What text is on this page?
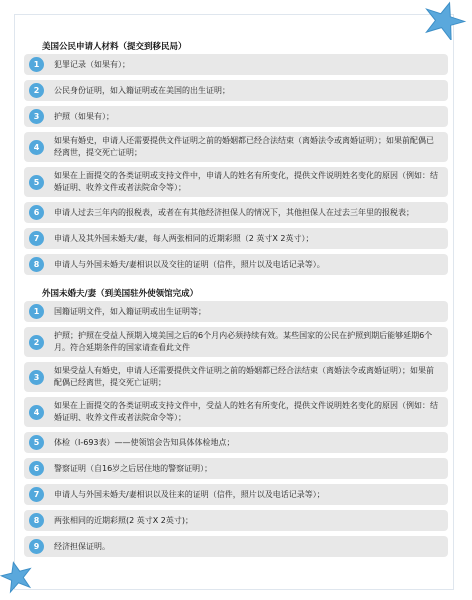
美国公民申请人材料（提交到移民局）
1	犯罪记录（如果有）；
2	公民身份证明，如入籍证明或在美国的出生证明；
3	护照（如果有）；
4
如果有婚史，申请人还需要提供文件证明之前的婚姻都已经合法结束（离婚法令或离婚证明）；如果前配偶已经离世，提交死亡证明；
5
如果在上面提交的各类证明或支持文件中，申请人的姓名有所变化，提供文件说明姓名变化的原因（例如：结婚证明、收养文件或者法院命令等）；
6	申请人过去三年内的报税表，或者在有其他经济担保人的情况下，其他担保人在过去三年里的报税表；
7	申请人及其外国未婚夫/妻，每人两张相同的近期彩照（2 英寸X 2英寸）；
8	申请人与外国未婚夫/妻相识以及交往的证明（信件，照片以及电话记录等）。
外国未婚夫/妻（到美国驻外使领馆完成）
1	国籍证明文件，如入籍证明或出生证明等；
2
护照；护照在受益人预期入境美国之后的6个月内必须持续有效。某些国家的公民在护照到期后能够延期6个月。符合延期条件的国家请查看此文件
3
如果受益人有婚史，申请人还需要提供文件证明之前的婚姻都已经合法结束（离婚法令或离婚证明）；如果前配偶已经离世，提交死亡证明；
4
如果在上面提交的各类证明或支持文件中，受益人的姓名有所变化，提供文件说明姓名变化的原因（例如：结婚证明、收养文件或者法院命令等）；
5	体检（I-693表）——使领馆会告知具体体检地点；
6	警察证明（自16岁之后居住地的警察证明）；
7	申请人与外国未婚夫/妻相识以及往来的证明（信件，照片以及电话记录等）；
8	两张相同的近期彩照(2 英寸X 2英寸)；
9	经济担保证明。
